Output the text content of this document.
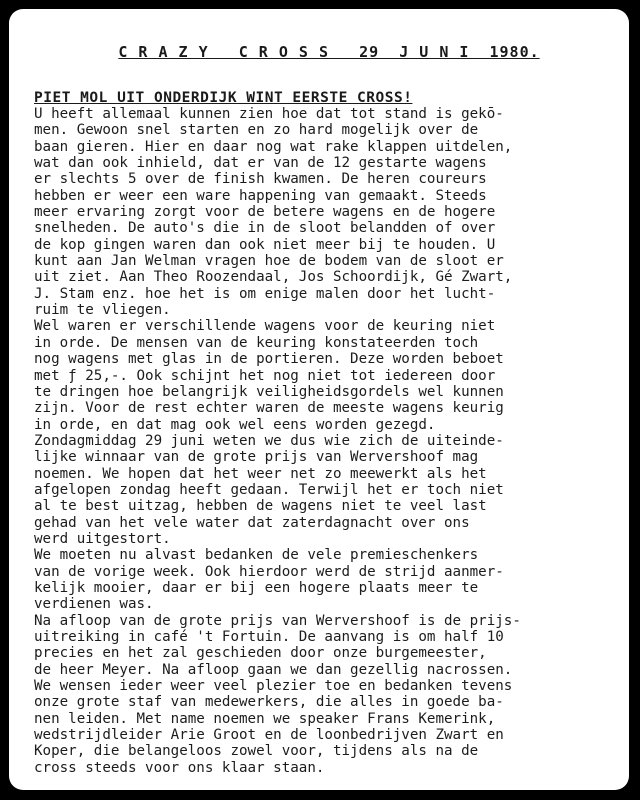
C R A Z Y   C R O S S   29  J U N I  1980.
PIET MOL UIT ONDERDIJK WINT EERSTE CROSS!
U heeft allemaal kunnen zien hoe dat tot stand is gekō-
men. Gewoon snel starten en zo hard mogelijk over de
baan gieren. Hier en daar nog wat rake klappen uitdelen,
wat dan ook inhield, dat er van de 12 gestarte wagens
er slechts 5 over de finish kwamen. De heren coureurs
hebben er weer een ware happening van gemaakt. Steeds
meer ervaring zorgt voor de betere wagens en de hogere
snelheden. De auto's die in de sloot belandden of over
de kop gingen waren dan ook niet meer bij te houden. U
kunt aan Jan Welman vragen hoe de bodem van de sloot er
uit ziet. Aan Theo Roozendaal, Jos Schoordijk, Gé Zwart,
J. Stam enz. hoe het is om enige malen door het lucht-
ruim te vliegen.
Wel waren er verschillende wagens voor de keuring niet
in orde. De mensen van de keuring konstateerden toch
nog wagens met glas in de portieren. Deze worden beboet
met ƒ 25,-. Ook schijnt het nog niet tot iedereen door
te dringen hoe belangrijk veiligheidsgordels wel kunnen
zijn. Voor de rest echter waren de meeste wagens keurig
in orde, en dat mag ook wel eens worden gezegd.
Zondagmiddag 29 juni weten we dus wie zich de uiteinde-
lijke winnaar van de grote prijs van Wervershoof mag
noemen. We hopen dat het weer net zo meewerkt als het
afgelopen zondag heeft gedaan. Terwijl het er toch niet
al te best uitzag, hebben de wagens niet te veel last
gehad van het vele water dat zaterdagnacht over ons
werd uitgestort.
We moeten nu alvast bedanken de vele premieschenkers
van de vorige week. Ook hierdoor werd de strijd aanmer-
kelijk mooier, daar er bij een hogere plaats meer te
verdienen was.
Na afloop van de grote prijs van Wervershoof is de prijs-
uitreiking in café 't Fortuin. De aanvang is om half 10
precies en het zal geschieden door onze burgemeester,
de heer Meyer. Na afloop gaan we dan gezellig nacrossen.
We wensen ieder weer veel plezier toe en bedanken tevens
onze grote staf van medewerkers, die alles in goede ba-
nen leiden. Met name noemen we speaker Frans Kemerink,
wedstrijdleider Arie Groot en de loonbedrijven Zwart en
Koper, die belangeloos zowel voor, tijdens als na de
cross steeds voor ons klaar staan.
